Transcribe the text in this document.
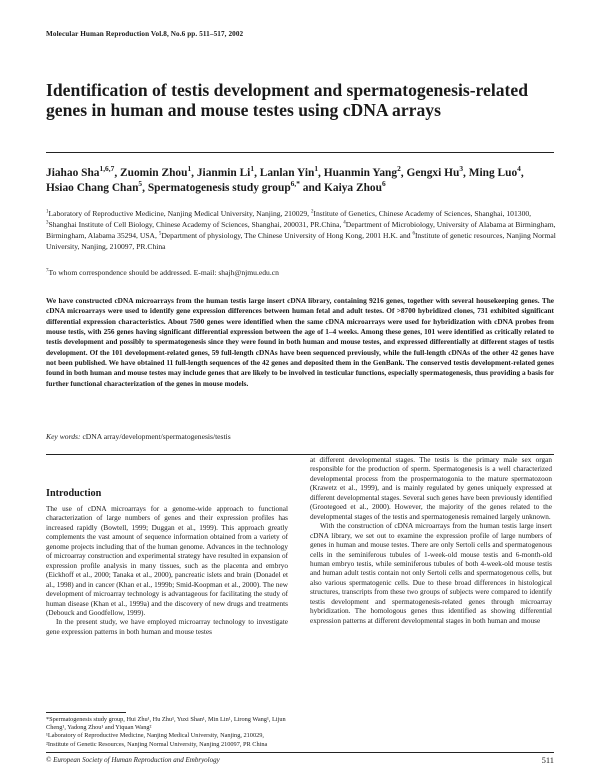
Molecular Human Reproduction Vol.8, No.6 pp. 511–517, 2002
Identification of testis development and spermatogenesis-related genes in human and mouse testes using cDNA arrays
Jiahao Sha$^{1,6,7}$, Zuomin Zhou$^1$, Jianmin Li$^1$, Lanlan Yin$^1$, Huanmin Yang$^2$, Gengxi Hu$^3$, Ming Luo$^4$, Hsiao Chang Chan$^5$, Spermatogenesis study group$^{6,*}$ and Kaiya Zhou$^6$
$^1$Laboratory of Reproductive Medicine, Nanjing Medical University, Nanjing, 210029, $^2$Institute of Genetics, Chinese Academy of Sciences, Shanghai, 101300, $^3$Shanghai Institute of Cell Biology, Chinese Academy of Sciences, Shanghai, 200031, PR.China, $^4$Department of Microbiology, University of Alabama at Birmingham, Birmingham, Alabama 35294, USA, $^5$Department of physiology, The Chinese University of Hong Kong, 2001 H.K. and $^6$Institute of genetic resources, Nanjing Normal University, Nanjing, 210097, PR.China
$^7$To whom correspondence should be addressed. E-mail: shajh@njmu.edu.cn

We have constructed cDNA microarrays from the human testis large insert cDNA library, containing 9216 genes, together with several housekeeping genes. The cDNA microarrays were used to identify gene expression differences between human fetal and adult testes. Of >8700 hybridized clones, 731 exhibited significant differential expression characteristics. About 7500 genes were identified when the same cDNA microarrays were used for hybridization with cDNA probes from mouse testis, with 256 genes having significant differential expression between the age of 1–4 weeks. Among these genes, 101 were identified as critically related to testis development and possibly to spermatogenesis since they were found in both human and mouse testes, and expressed differentially at different stages of testis development. Of the 101 development-related genes, 59 full-length cDNAs have been sequenced previously, while the full-length cDNAs of the other 42 genes have not been published. We have obtained 11 full-length sequences of the 42 genes and deposited them in the GenBank. The conserved testis development-related genes found in both human and mouse testes may include genes that are likely to be involved in testicular functions, especially spermatogenesis, thus providing a basis for further functional characterization of the genes in mouse models.

Key words: cDNA array/development/spermatogenesis/testis
Introduction

The use of cDNA microarrays for a genome-wide approach to functional characterization of large numbers of genes and their expression profiles has increased rapidly (Bowtell, 1999; Duggan et al., 1999). This approach greatly complements the vast amount of sequence information obtained from a variety of genome projects including that of the human genome. Advances in the technology of microarray construction and experimental strategy have resulted in expansion of expression profile analysis in many tissues, such as the placenta and embryo (Eickhoff et al., 2000; Tanaka et al., 2000), pancreatic islets and brain (Donadel et al., 1998) and in cancer (Khan et al., 1999b; Smid-Koopman et al., 2000). The new development of microarray technology is advantageous for facilitating the study of human disease (Khan et al., 1999a) and the discovery of new drugs and treatments (Debouck and Goodfellow, 1999).

In the present study, we have employed microarray technology to investigate gene expression patterns in both human and mouse testes

at different developmental stages. The testis is the primary male sex organ responsible for the production of sperm. Spermatogenesis is a well characterized developmental process from the prospermatogonia to the mature spermatozoon (Krawetz et al., 1999), and is mainly regulated by genes uniquely expressed at different developmental stages. Several such genes have been previously identified (Grootegoed et al., 2000). However, the majority of the genes related to the developmental stages of the testis and spermatogenesis remained largely unknown.

With the construction of cDNA microarrays from the human testis large insert cDNA library, we set out to examine the expression profile of large numbers of genes in human and mouse testes. There are only Sertoli cells and spermatogenous cells in the seminiferous tubules of 1-week-old mouse testis and 6-month-old human embryo testis, while seminiferous tubules of both 4-week-old mouse testis and human adult testis contain not only Sertoli cells and spermatogenous cells, but also various spermatogenic cells. Due to these broad differences in histological structures, transcripts from these two groups of subjects were compared to identify testis development and spermatogenesis-related genes through microarray hybridization. The homologous genes thus identified as showing differential expression patterns at different developmental stages in both human and mouse

*Spermatogenesis study group, Hui Zhu¹, Hu Zhu¹, Yuxi Shan¹, Min Lin¹, Lirong Wang¹, Lijun Cheng¹, Yadong Zhou¹ and Yiquan Wang²
¹Laboratory of Reproductive Medicine, Nanjing Medical University, Nanjing, 210029, ²Institute of Genetic Resources, Nanjing Normal University, Nanjing 210097, PR China
© European Society of Human Reproduction and Embryology	511
